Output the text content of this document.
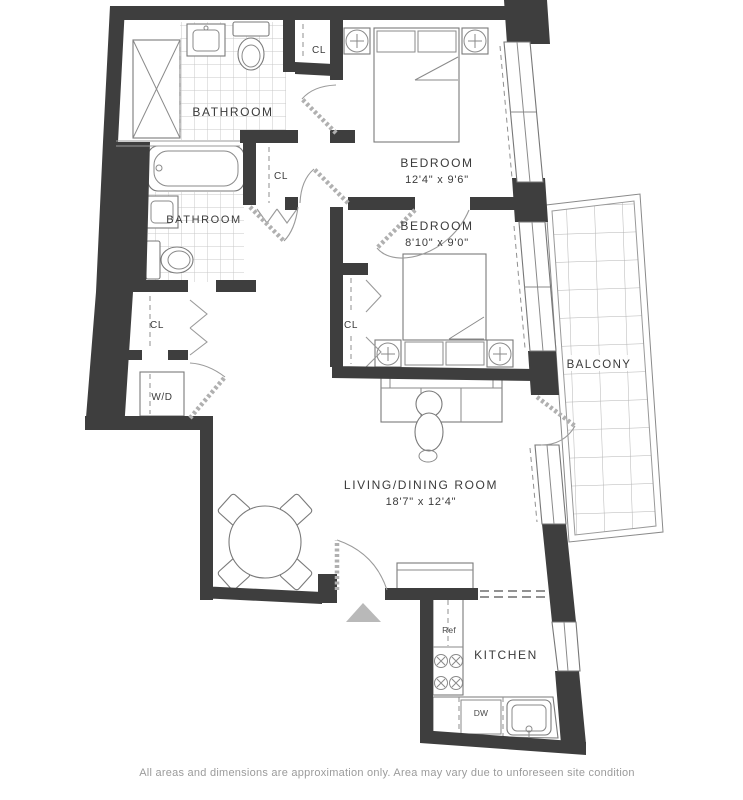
BALCONY
BATHROOM
CL
BEDROOM
12'4" x 9'6"
BATHROOM
CL
BEDROOM
8'10" x 9'0"
CL	CL
W/D
LIVING/DINING ROOM
18'7" x 12'4"
KITCHEN
Ref
DW
All areas and dimensions are approximation only. Area may vary due to unforeseen site condition
